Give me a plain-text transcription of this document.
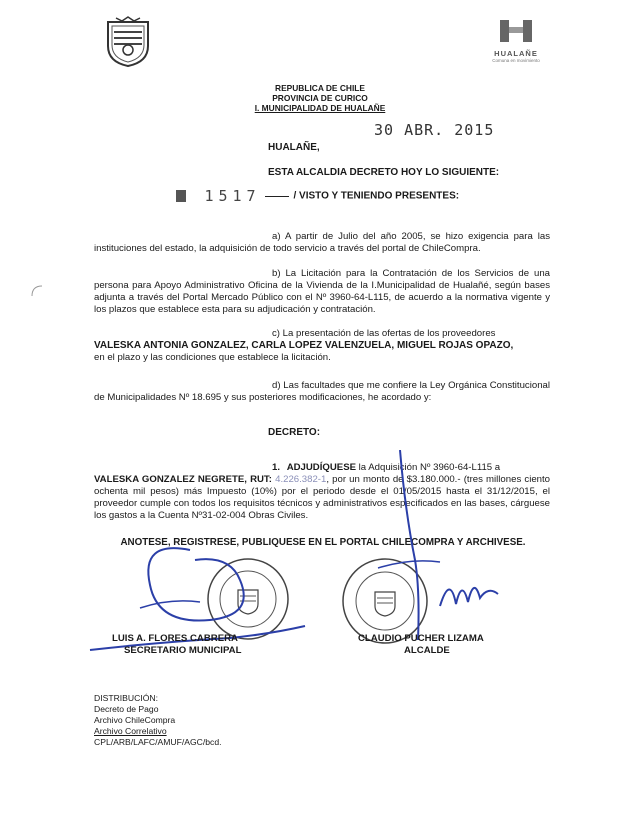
HUALAÑE
Comuna en movimiento
REPUBLICA DE CHILE
PROVINCIA DE CURICO
I. MUNICIPALIDAD DE HUALAÑE
30 ABR. 2015
HUALAÑE,
ESTA ALCALDIA DECRETO HOY LO SIGUIENTE:
1517	/ VISTO Y TENIENDO PRESENTES:
a) A partir de Julio del año 2005, se hizo exigencia para las instituciones del estado, la adquisición de todo servicio a través del portal de ChileCompra.
b) La Licitación para la Contratación de los Servicios de una persona para Apoyo Administrativo Oficina de la Vivienda de la I.Municipalidad de Hualañé, según bases adjunta a través del Portal Mercado Público con el Nº 3960-64-L115, de acuerdo a la normativa vigente y los plazos que establece esta para su adjudicación y contratación.
c) La presentación de las ofertas de los proveedores
VALESKA ANTONIA GONZALEZ, CARLA LOPEZ VALENZUELA, MIGUEL ROJAS OPAZO,
en el plazo y las condiciones que establece la licitación.
d) Las facultades que me confiere la Ley Orgánica Constitucional de Municipalidades Nº 18.695 y sus posteriores modificaciones, he acordado y:
DECRETO:
1. ADJUDÍQUESE la Adquisición Nº 3960-64-L115 a
VALESKA GONZALEZ NEGRETE, RUT: 4.226.382-1, por un monto de $3.180.000.- (tres millones ciento ochenta mil pesos) más Impuesto (10%) por el periodo desde el 01/05/2015 hasta el 31/12/2015, el proveedor cumple con todos los requisitos técnicos y administrativos especificados en las bases, cárguese los gastos a la Cuenta Nº31-02-004 Obras Civiles.
ANOTESE, REGISTRESE, PUBLIQUESE EN EL PORTAL CHILECOMPRA Y ARCHIVESE.
LUIS A. FLORES CABRERA
SECRETARIO MUNICIPAL
CLAUDIO PUCHER LIZAMA
ALCALDE
DISTRIBUCIÓN:
Decreto de Pago
Archivo ChileCompra
Archivo Correlativo
CPL/ARB/LAFC/AMUF/AGC/bcd.
